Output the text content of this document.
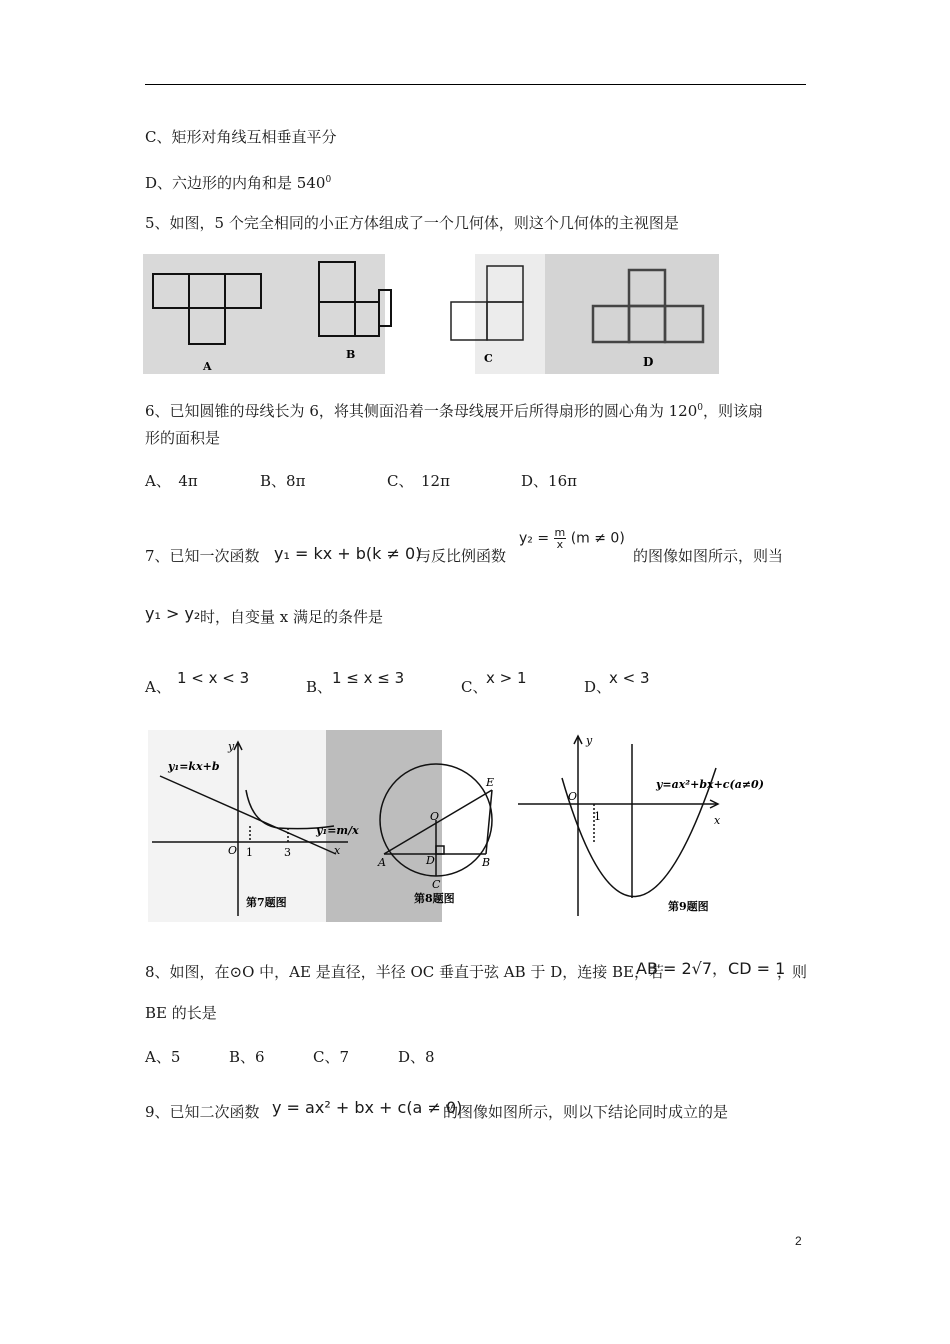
C、矩形对角线互相垂直平分
D、六边形的内角和是 $540^0$
5、如图，5 个完全相同的小正方体组成了一个几何体，则这个几何体的主视图是
A
B	C	D
6、已知圆锥的母线长为 6，将其侧面沿着一条母线展开后所得扇形的圆心角为 $120^0$，则该扇
形的面积是
A、　4π	B、8π	C、　12π	D、16π
7、已知一次函数 y₁ = kx + b(k ≠ 0)
与反比例函数
$y_2 = \frac{m}{x} (m \ne 0)$
的图像如图所示，则当
y₁ > y₂ 时，自变量 x 满足的条件是
A、 1 < x < 3	B、 1 ≤ x ≤ 3	C、
x > 1	D、
x < 3
y₁=kx+b
y₁=m/x
y
x
O 1	3
第7题图
A	B
C
D
E
O
第8题图
y
x
O
1
y=ax²+bx+c(a≠0)
第9题图
8、如图，在⊙O 中，AE 是直径，半径 OC 垂直于弦 AB 于 D，连接 BE，若
AB = 2√7，CD = 1
，则
BE 的长是
A、5	B、6	C、7	D、8
9、已知二次函数 y = ax² + bx + c(a ≠ 0)
的图像如图所示，则以下结论同时成立的是
2
